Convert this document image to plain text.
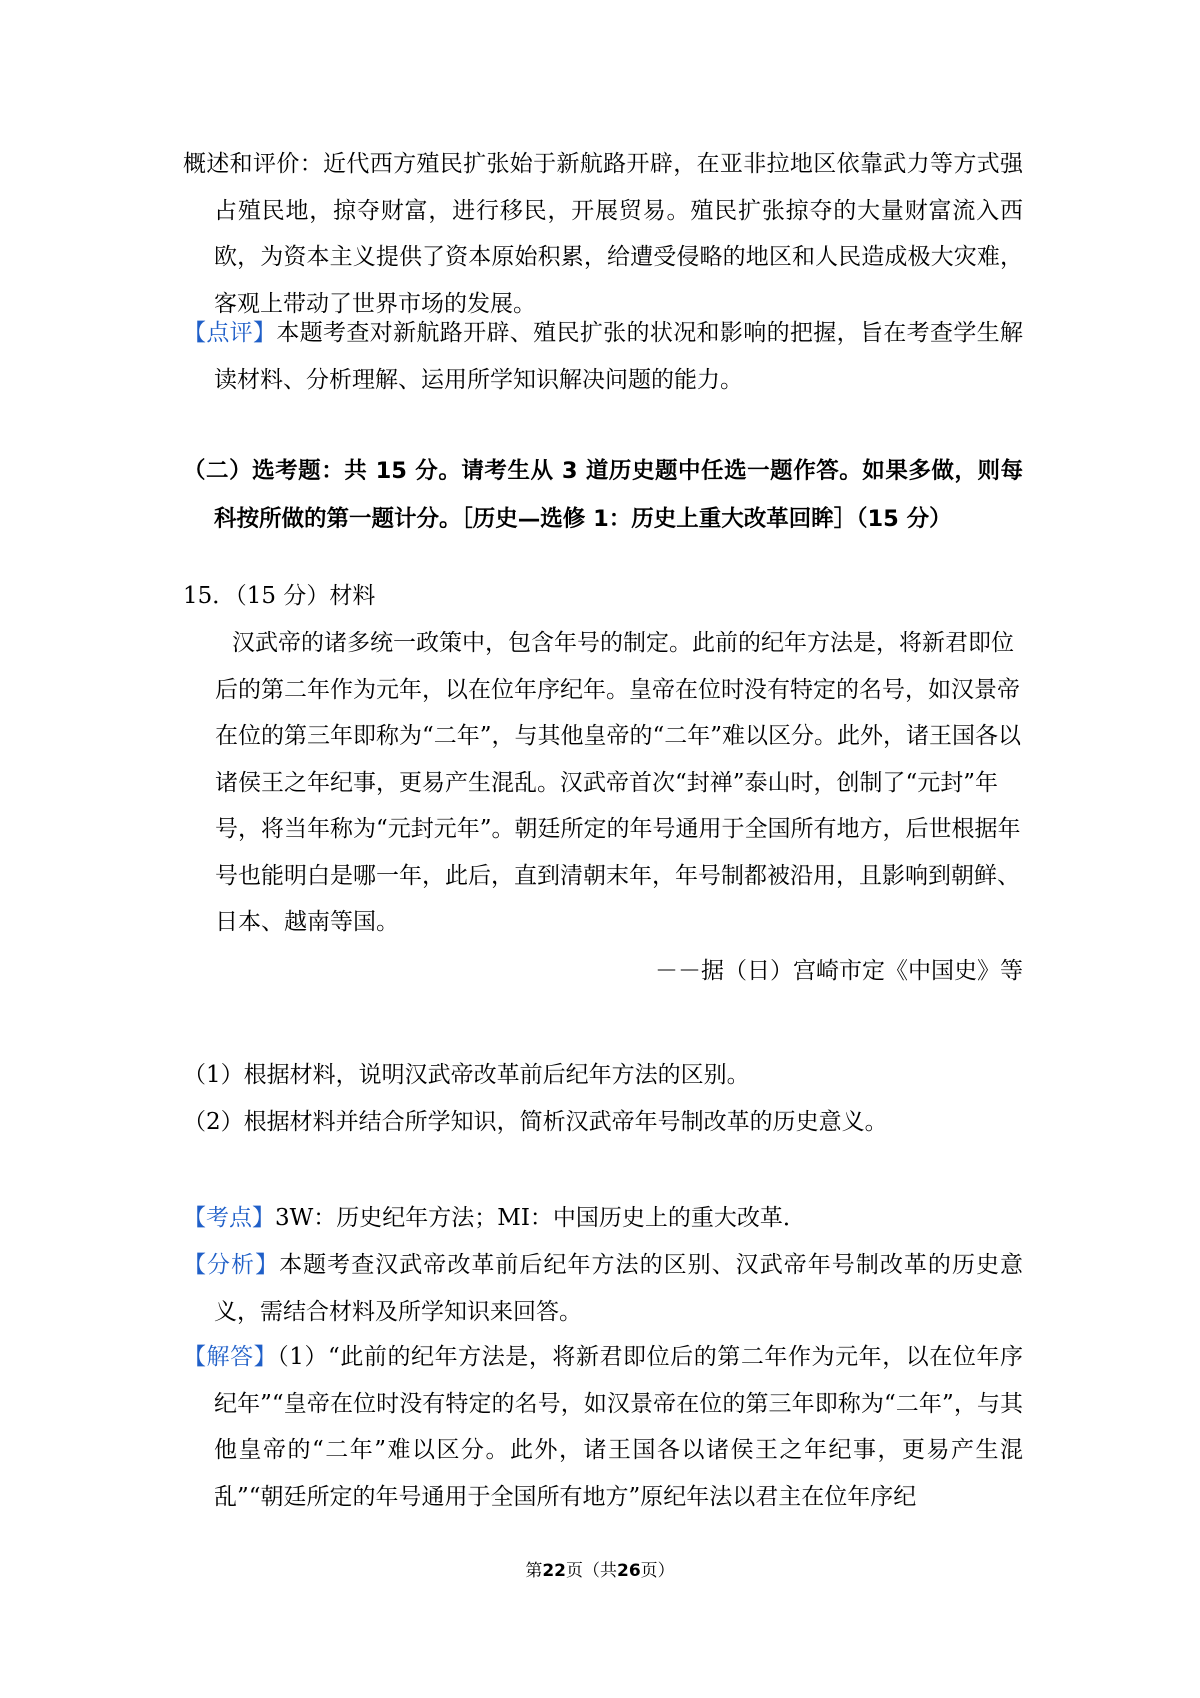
概述和评价：近代西方殖民扩张始于新航路开辟，在亚非拉地区依靠武力等方式强占殖民地，掠夺财富，进行移民，开展贸易。殖民扩张掠夺的大量财富流入西欧，为资本主义提供了资本原始积累，给遭受侵略的地区和人民造成极大灾难，客观上带动了世界市场的发展。
【点评】本题考查对新航路开辟、殖民扩张的状况和影响的把握，旨在考查学生解读材料、分析理解、运用所学知识解决问题的能力。
（二）选考题：共 15 分。请考生从 3 道历史题中任选一题作答。如果多做，则每科按所做的第一题计分。［历史—选修 1：历史上重大改革回眸］（15 分）
15．（15 分）材料
汉武帝的诸多统一政策中，包含年号的制定。此前的纪年方法是，将新君即位后的第二年作为元年，以在位年序纪年。皇帝在位时没有特定的名号，如汉景帝在位的第三年即称为“二年”，与其他皇帝的“二年”难以区分。此外，诸王国各以诸侯王之年纪事，更易产生混乱。汉武帝首次“封禅”泰山时，创制了“元封”年号，将当年称为“元封元年”。朝廷所定的年号通用于全国所有地方，后世根据年号也能明白是哪一年，此后，直到清朝末年，年号制都被沿用，且影响到朝鲜、日本、越南等国。
－－据（日）宫崎市定《中国史》等
（1）根据材料，说明汉武帝改革前后纪年方法的区别。
（2）根据材料并结合所学知识，简析汉武帝年号制改革的历史意义。
【考点】3W：历史纪年方法；MI：中国历史上的重大改革．
【分析】本题考查汉武帝改革前后纪年方法的区别、汉武帝年号制改革的历史意义，需结合材料及所学知识来回答。
【解答】（1）“此前的纪年方法是，将新君即位后的第二年作为元年，以在位年序纪年”“皇帝在位时没有特定的名号，如汉景帝在位的第三年即称为“二年”，与其他皇帝的“二年”难以区分。此外，诸王国各以诸侯王之年纪事，更易产生混乱”“朝廷所定的年号通用于全国所有地方”原纪年法以君主在位年序纪
第22页（共26页）
